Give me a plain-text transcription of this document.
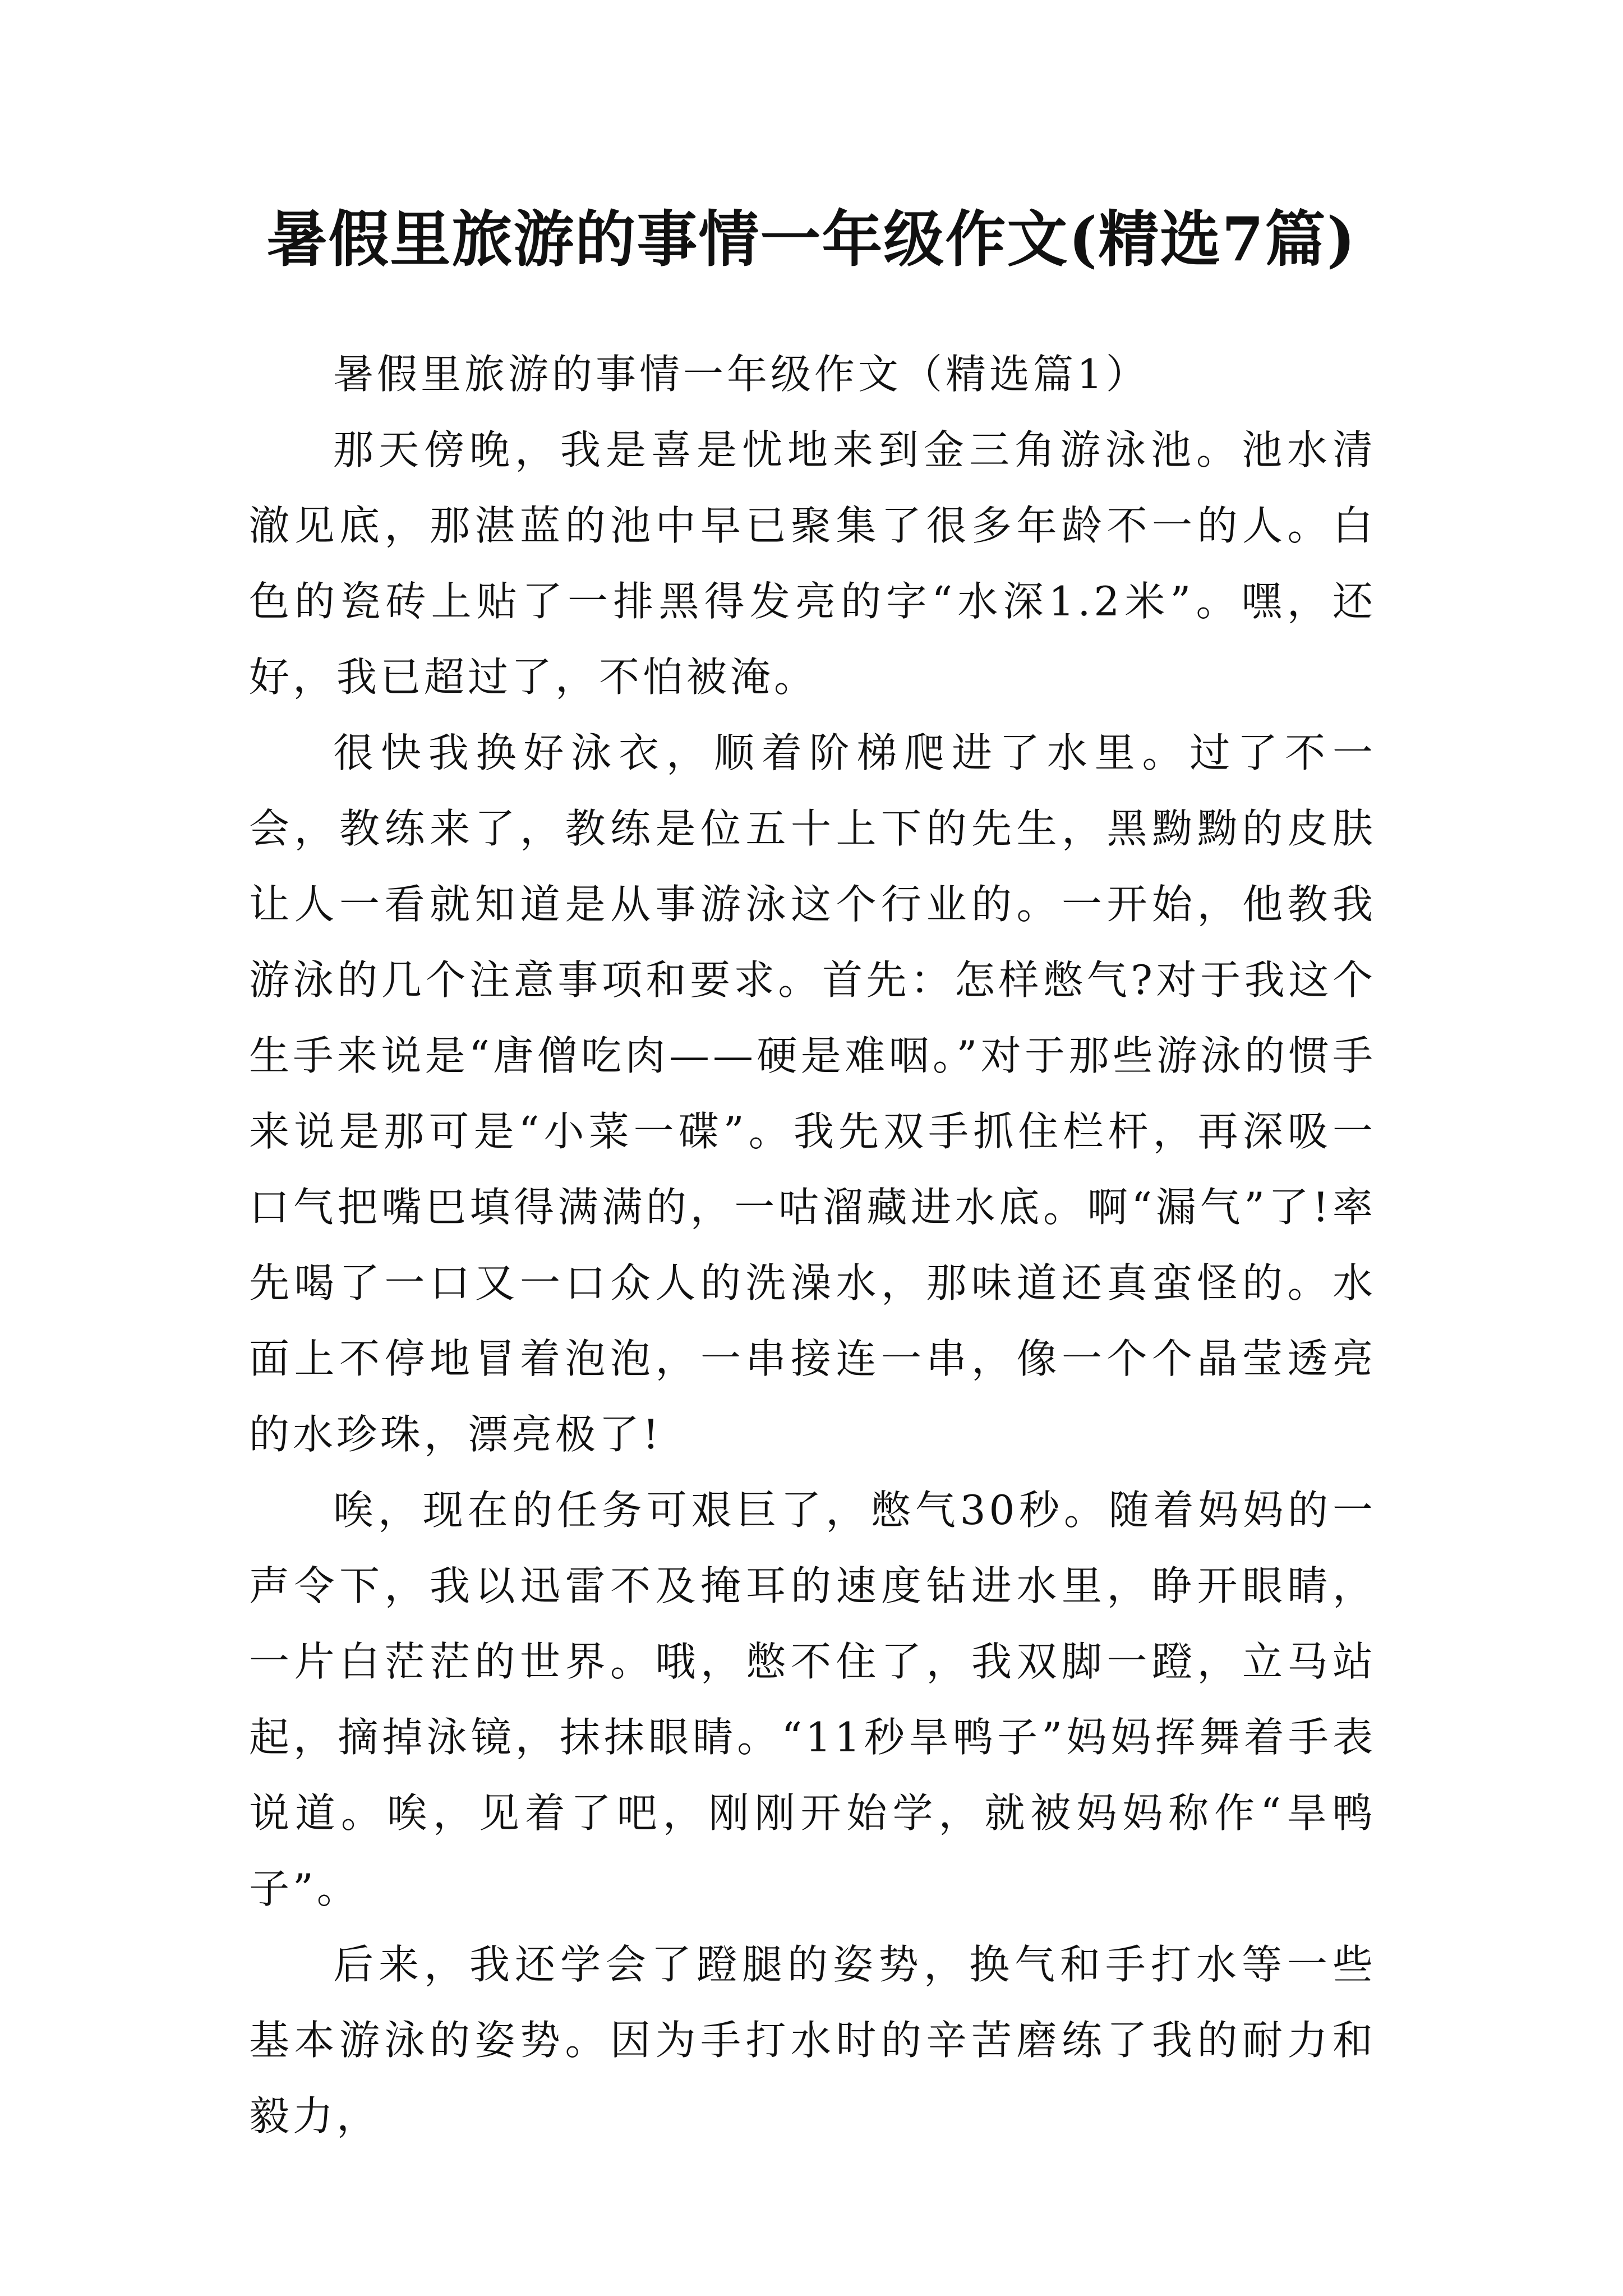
暑假里旅游的事情一年级作文(精选7篇)

暑假里旅游的事情一年级作文（精选篇1）

那天傍晚，我是喜是忧地来到金三角游泳池。池水清澈见底，那湛蓝的池中早已聚集了很多年龄不一的人。白色的瓷砖上贴了一排黑得发亮的字“水深1.2米”。嘿，还好，我已超过了，不怕被淹。

很快我换好泳衣，顺着阶梯爬进了水里。过了不一会，教练来了，教练是位五十上下的先生，黑黝黝的皮肤让人一看就知道是从事游泳这个行业的。一开始，他教我游泳的几个注意事项和要求。首先：怎样憋气?对于我这个生手来说是“唐僧吃肉——硬是难咽。”对于那些游泳的惯手来说是那可是“小菜一碟”。我先双手抓住栏杆，再深吸一口气把嘴巴填得满满的，一咕溜藏进水底。啊“漏气”了!率先喝了一口又一口众人的洗澡水，那味道还真蛮怪的。水面上不停地冒着泡泡，一串接连一串，像一个个晶莹透亮的水珍珠，漂亮极了!

唉，现在的任务可艰巨了，憋气30秒。随着妈妈的一声令下，我以迅雷不及掩耳的速度钻进水里，睁开眼睛，一片白茫茫的世界。哦，憋不住了，我双脚一蹬，立马站起，摘掉泳镜，抹抹眼睛。“11秒旱鸭子”妈妈挥舞着手表说道。唉，见着了吧，刚刚开始学，就被妈妈称作“旱鸭子”。

后来，我还学会了蹬腿的姿势，换气和手打水等一些基本游泳的姿势。因为手打水时的辛苦磨练了我的耐力和毅力，
